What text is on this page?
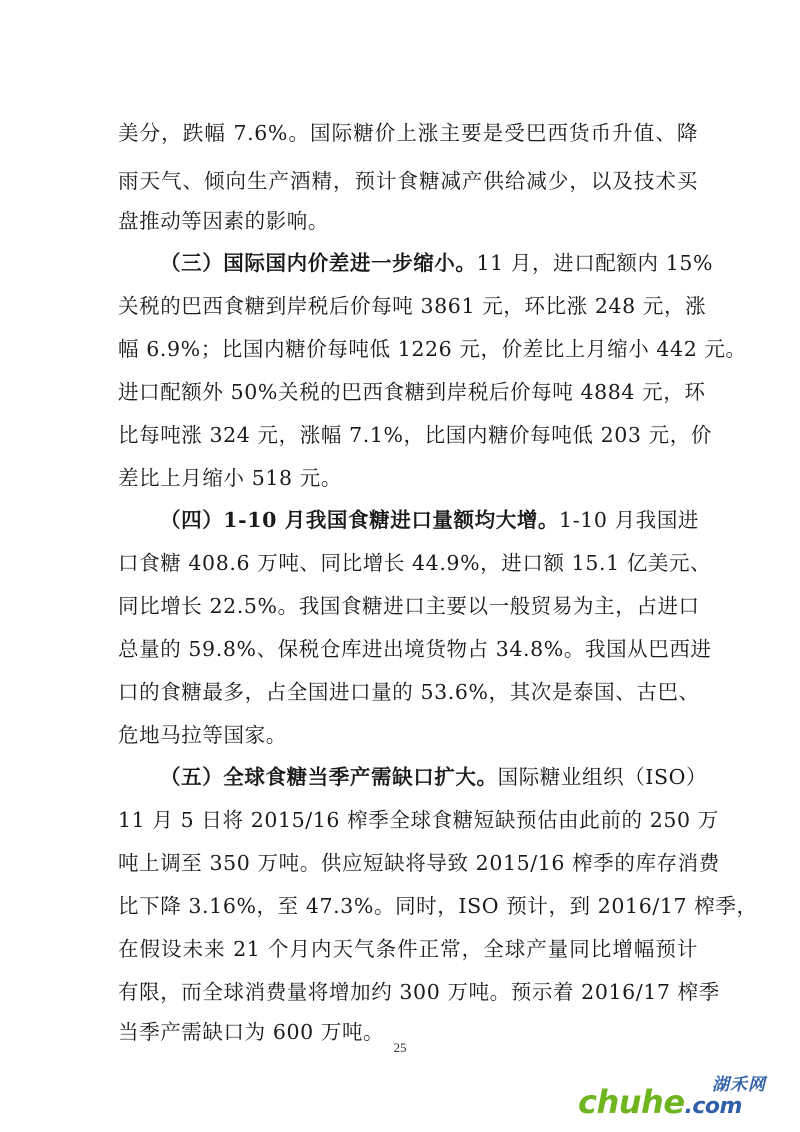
美分，跌幅 7.6%。国际糖价上涨主要是受巴西货币升值、降
雨天气、倾向生产酒精，预计食糖减产供给减少，以及技术买
盘推动等因素的影响。
（三）国际国内价差进一步缩小。11 月，进口配额内 15%
关税的巴西食糖到岸税后价每吨 3861 元，环比涨 248 元，涨
幅 6.9%；比国内糖价每吨低 1226 元，价差比上月缩小 442 元。
进口配额外 50%关税的巴西食糖到岸税后价每吨 4884 元，环
比每吨涨 324 元，涨幅 7.1%，比国内糖价每吨低 203 元，价
差比上月缩小 518 元。
（四）1-10 月我国食糖进口量额均大增。1-10 月我国进
口食糖 408.6 万吨、同比增长 44.9%，进口额 15.1 亿美元、
同比增长 22.5%。我国食糖进口主要以一般贸易为主，占进口
总量的 59.8%、保税仓库进出境货物占 34.8%。我国从巴西进
口的食糖最多，占全国进口量的 53.6%，其次是泰国、古巴、
危地马拉等国家。
（五）全球食糖当季产需缺口扩大。国际糖业组织（ISO）
11 月 5 日将 2015/16 榨季全球食糖短缺预估由此前的 250 万
吨上调至 350 万吨。供应短缺将导致 2015/16 榨季的库存消费
比下降 3.16%，至 47.3%。同时，ISO 预计，到 2016/17 榨季，
在假设未来 21 个月内天气条件正常，全球产量同比增幅预计
有限，而全球消费量将增加约 300 万吨。预示着 2016/17 榨季
当季产需缺口为 600 万吨。
25
湖禾网
chuhe.com
